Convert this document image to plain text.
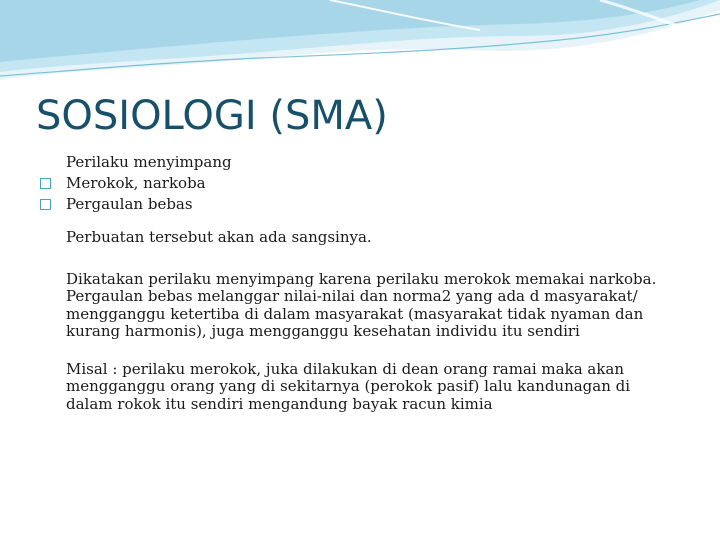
SOSIOLOGI (SMA)
Perilaku menyimpang
Merokok, narkoba
Pergaulan bebas

Perbuatan tersebut akan ada sangsinya.

Dikatakan perilaku menyimpang karena perilaku merokok memakai narkoba.
Pergaulan bebas melanggar nilai-nilai dan norma2 yang ada d masyarakat/
mengganggu ketertiba di dalam masyarakat (masyarakat tidak nyaman dan
kurang harmonis), juga mengganggu kesehatan individu itu sendiri

Misal : perilaku merokok, juka dilakukan di dean orang ramai maka akan
mengganggu orang yang di sekitarnya (perokok pasif) lalu kandunagan di
dalam rokok itu sendiri mengandung bayak racun kimia
